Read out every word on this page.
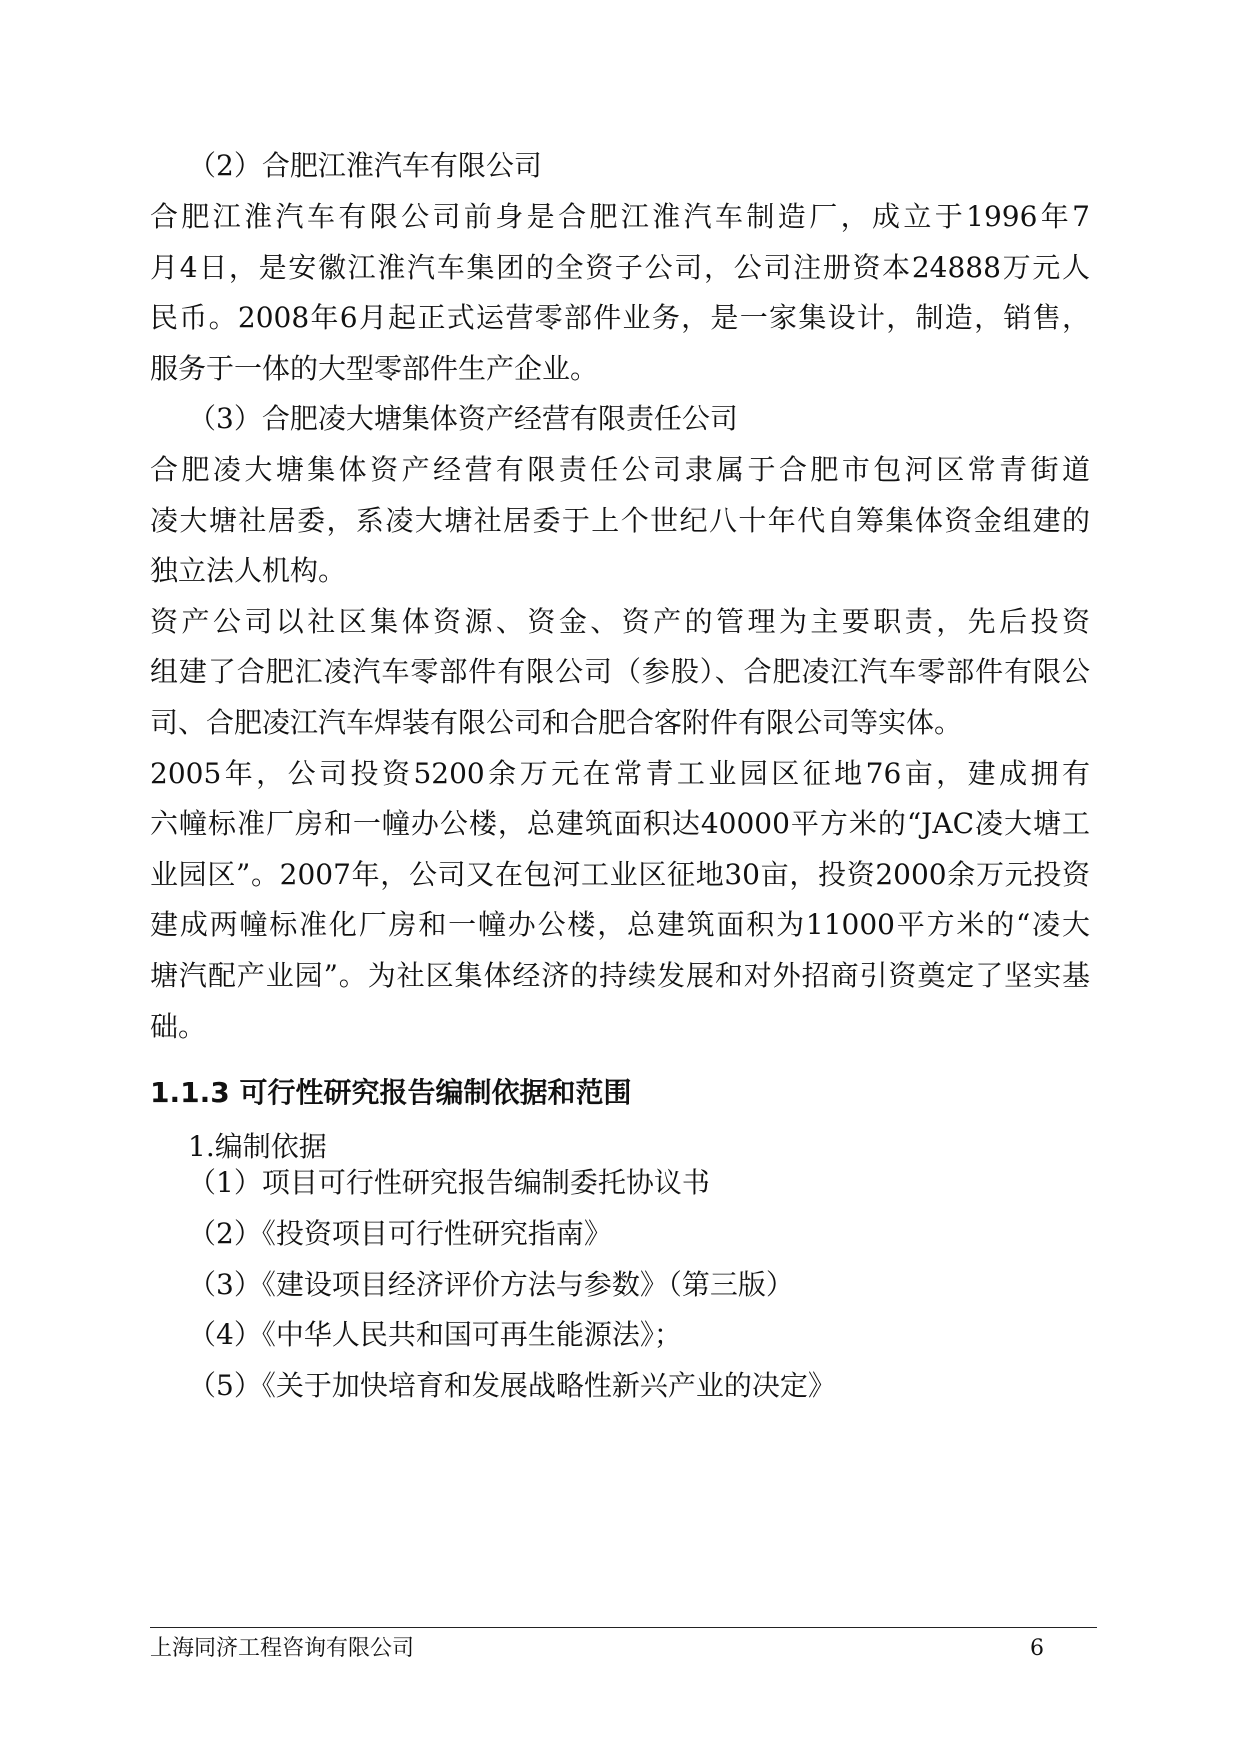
（2）合肥江淮汽车有限公司
合肥江淮汽车有限公司前身是合肥江淮汽车制造厂，成立于1996年7
月4日，是安徽江淮汽车集团的全资子公司，公司注册资本24888万元人
民币。2008年6月起正式运营零部件业务，是一家集设计，制造，销售，
服务于一体的大型零部件生产企业。
（3）合肥凌大塘集体资产经营有限责任公司
合肥凌大塘集体资产经营有限责任公司隶属于合肥市包河区常青街道
凌大塘社居委，系凌大塘社居委于上个世纪八十年代自筹集体资金组建的
独立法人机构。
资产公司以社区集体资源、资金、资产的管理为主要职责，先后投资
组建了合肥汇凌汽车零部件有限公司（参股）、合肥凌江汽车零部件有限公
司、合肥凌江汽车焊装有限公司和合肥合客附件有限公司等实体。
2005年，公司投资5200余万元在常青工业园区征地76亩，建成拥有
六幢标准厂房和一幢办公楼，总建筑面积达40000平方米的“JAC凌大塘工
业园区”。2007年，公司又在包河工业区征地30亩，投资2000余万元投资
建成两幢标准化厂房和一幢办公楼，总建筑面积为11000平方米的“凌大
塘汽配产业园”。为社区集体经济的持续发展和对外招商引资奠定了坚实基
础。
1.1.3 可行性研究报告编制依据和范围
1.编制依据
（1）项目可行性研究报告编制委托协议书
（2）《投资项目可行性研究指南》
（3）《建设项目经济评价方法与参数》（第三版）
（4）《中华人民共和国可再生能源法》；
（5）《关于加快培育和发展战略性新兴产业的决定》
上海同济工程咨询有限公司	6
